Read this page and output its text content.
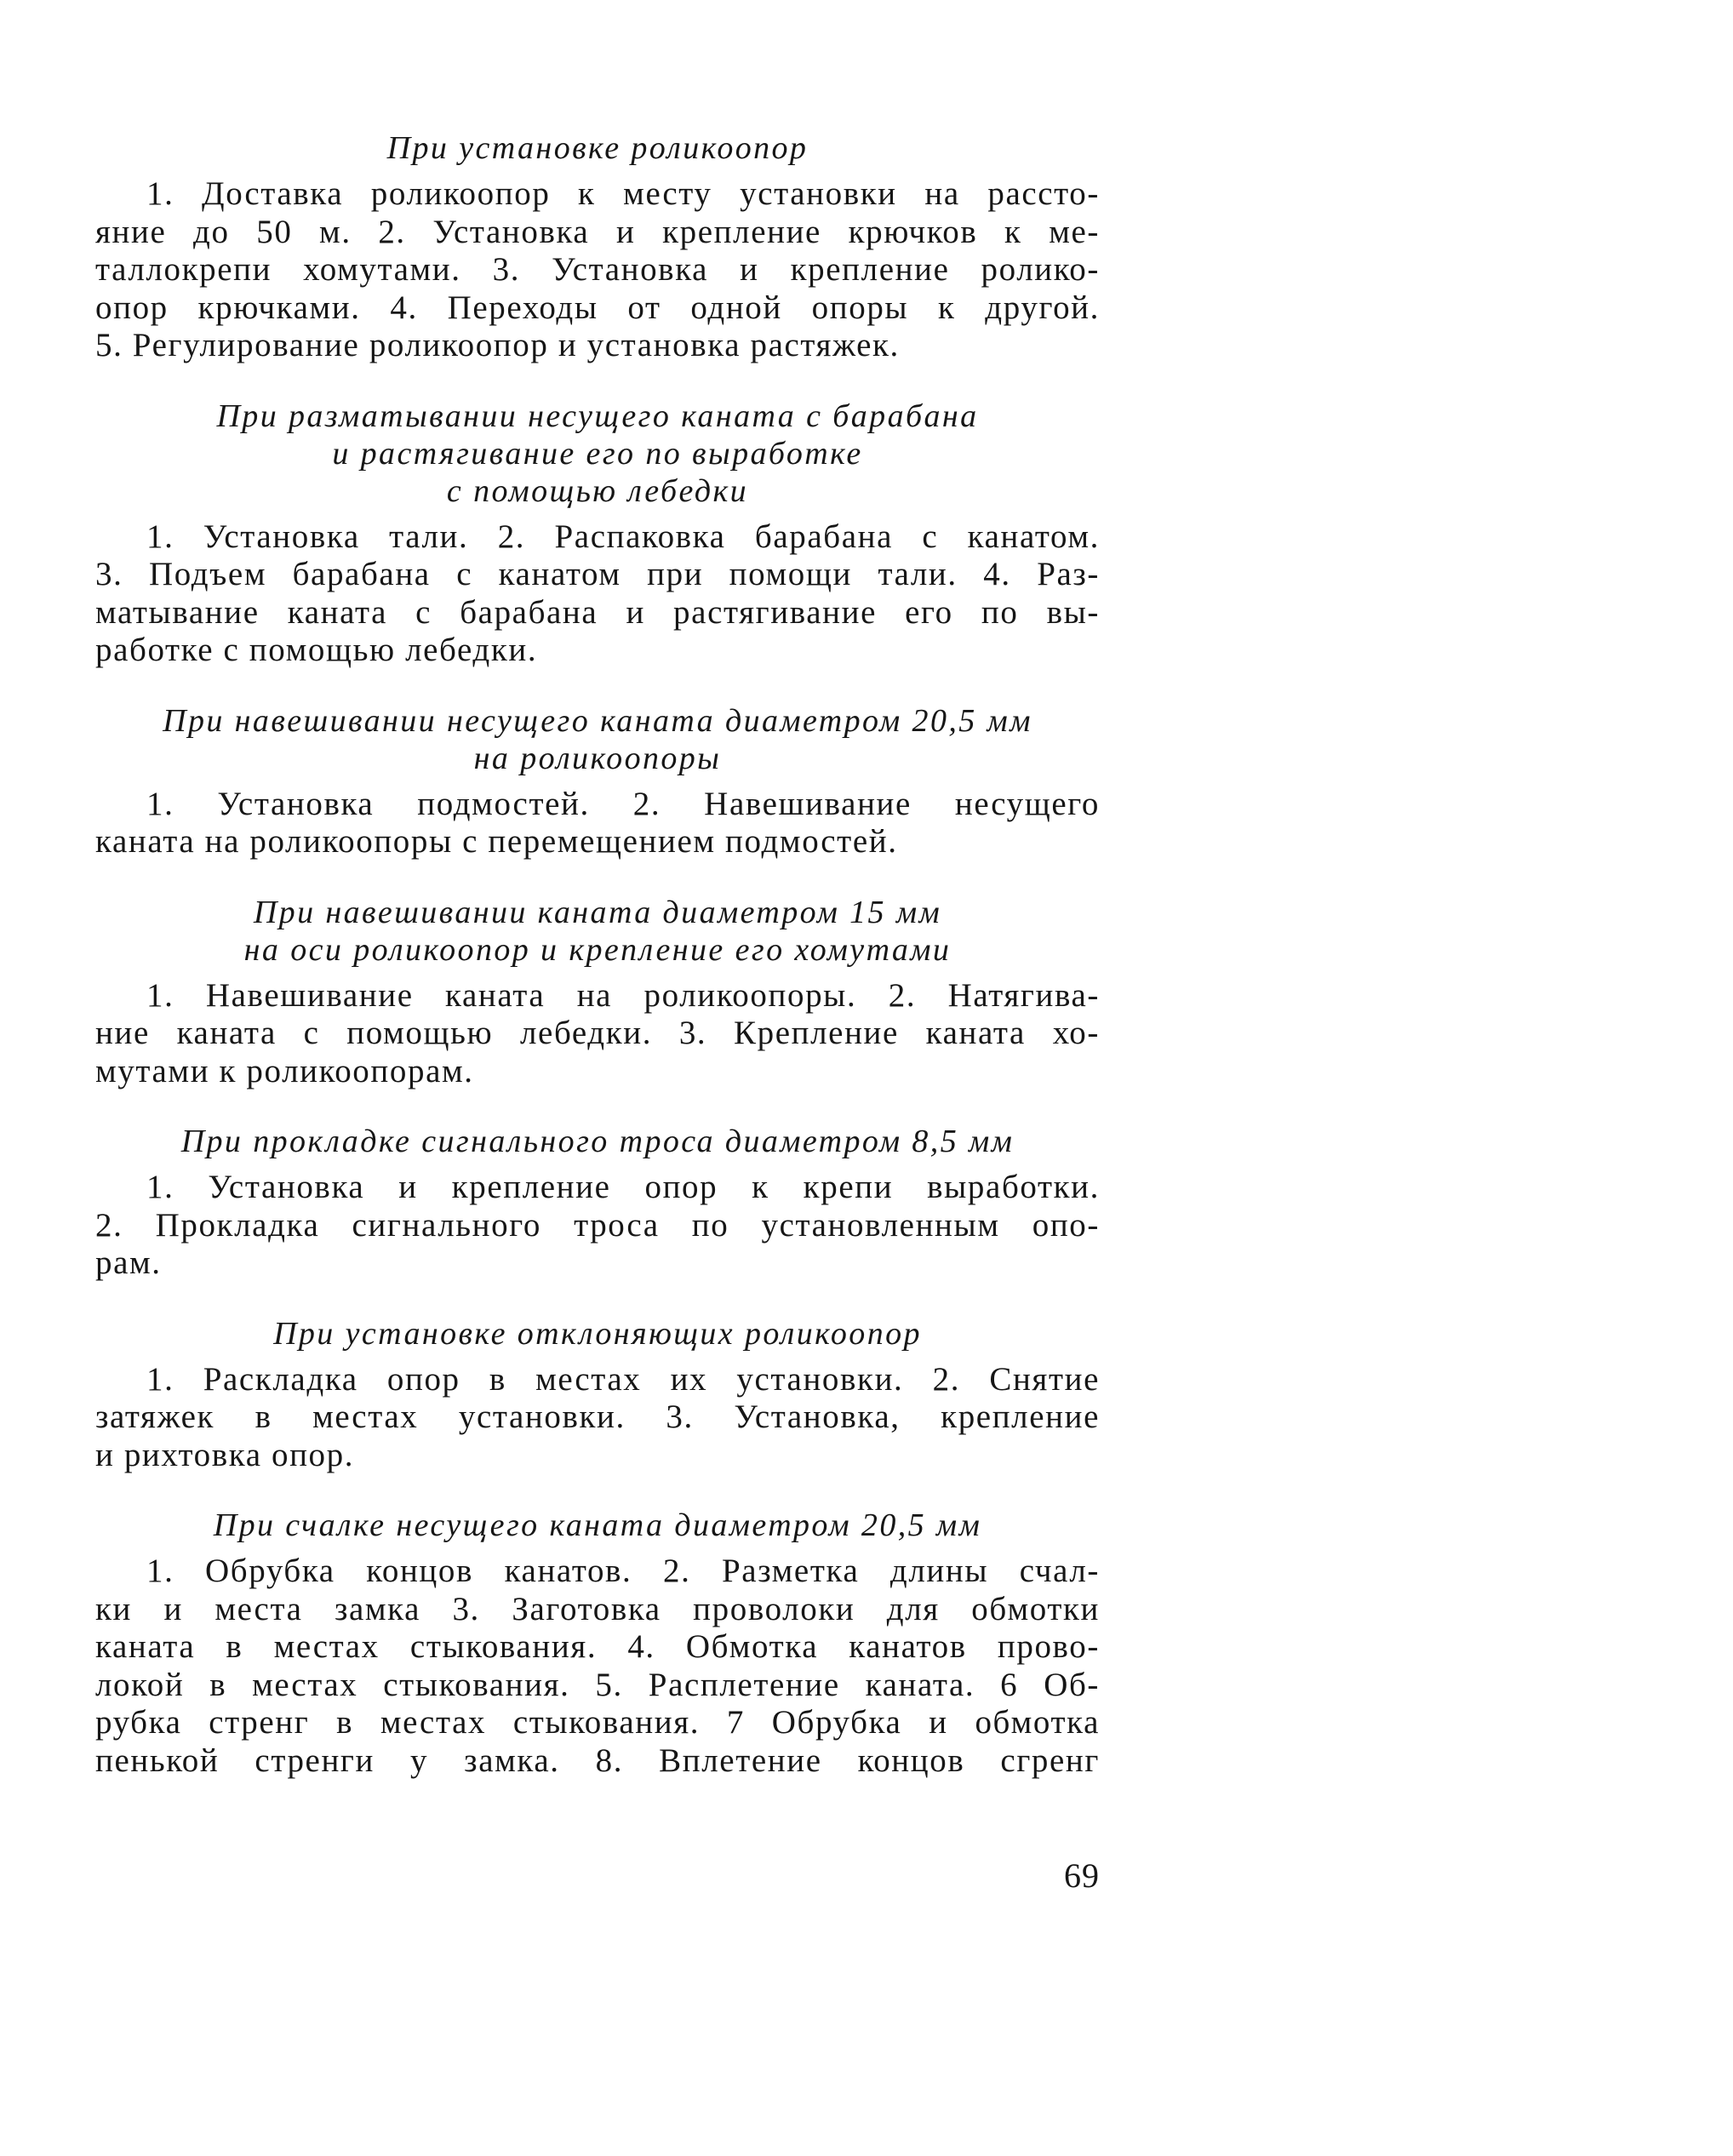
При установке роликоопор
1. Доставка роликоопор к месту установки на рассто-
яние до 50 м. 2. Установка и крепление крючков к ме-
таллокрепи хомутами. 3. Установка и крепление ролико-
опор крючками. 4. Переходы от одной опоры к другой.
5. Регулирование роликоопор и установка растяжек.
При разматывании несущего каната с барабана
и растягивание его по выработке
с помощью лебедки
1. Установка тали. 2. Распаковка барабана с канатом.
3. Подъем барабана с канатом при помощи тали. 4. Раз-
матывание каната с барабана и растягивание его по вы-
работке с помощью лебедки.
При навешивании несущего каната диаметром 20,5 мм
на роликоопоры
1. Установка подмостей. 2. Навешивание несущего
каната на роликоопоры с перемещением подмостей.
При навешивании каната диаметром 15 мм
на оси роликоопор и крепление его хомутами
1. Навешивание каната на роликоопоры. 2. Натягива-
ние каната с помощью лебедки. 3. Крепление каната хо-
мутами к роликоопорам.
При прокладке сигнального троса диаметром 8,5 мм
1. Установка и крепление опор к крепи выработки.
2. Прокладка сигнального троса по установленным опо-
рам.
При установке отклоняющих роликоопор
1. Раскладка опор в местах их установки. 2. Снятие
затяжек в местах установки. 3. Установка, крепление
и рихтовка опор.
При счалке несущего каната диаметром 20,5 мм
1. Обрубка концов канатов. 2. Разметка длины счал-
ки и места замка 3. Заготовка проволоки для обмотки
каната в местах стыкования. 4. Обмотка канатов прово-
локой в местах стыкования. 5. Расплетение каната. 6 Об-
рубка стренг в местах стыкования. 7 Обрубка и обмотка
пенькой стренги у замка. 8. Вплетение концов сгренг
69
